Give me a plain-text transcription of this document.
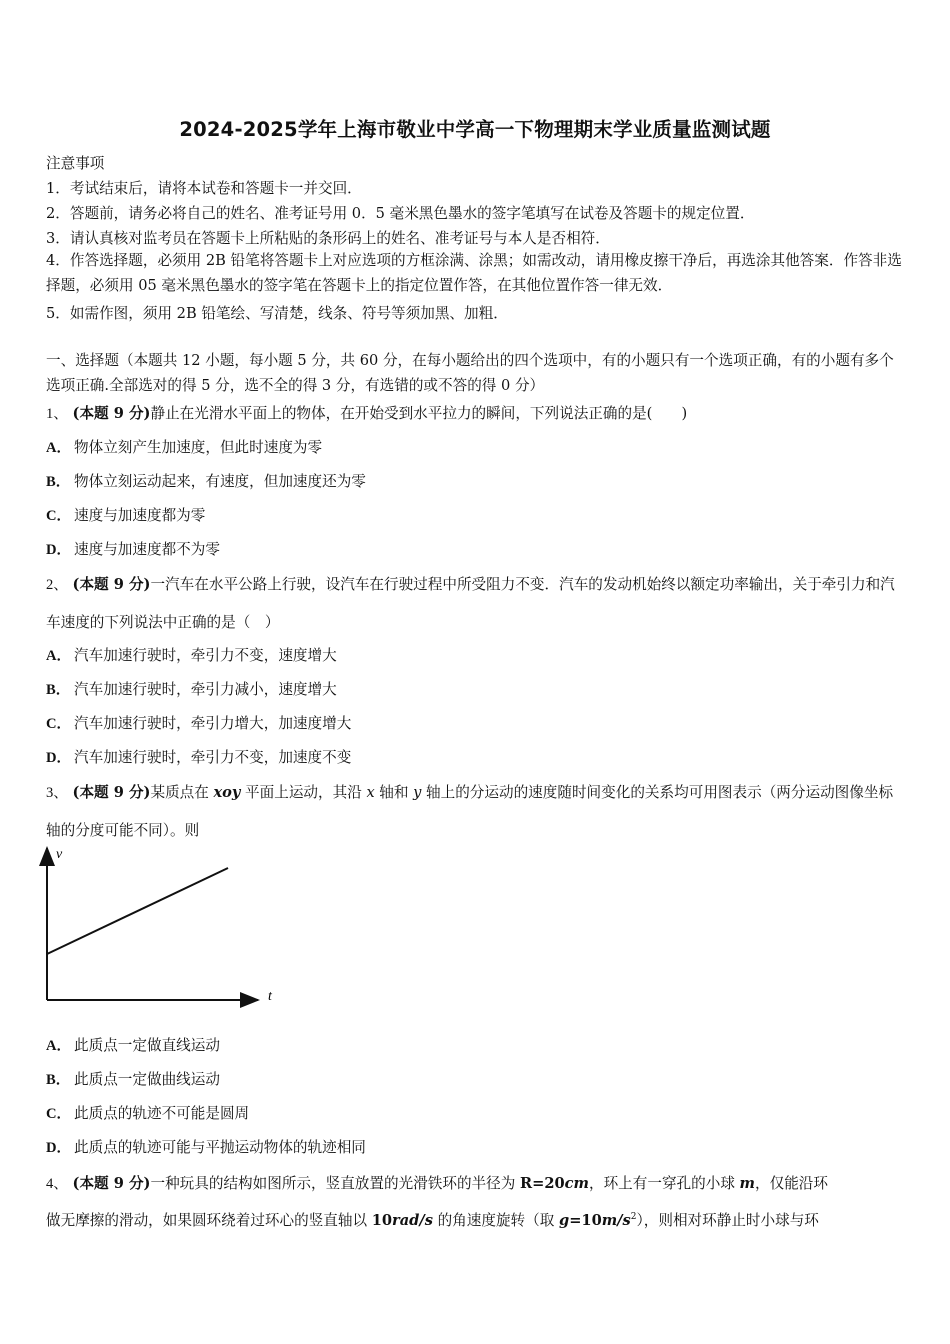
2024-2025学年上海市敬业中学高一下物理期末学业质量监测试题
注意事项
1．考试结束后，请将本试卷和答题卡一并交回．
2．答题前，请务必将自己的姓名、准考证号用 0．5 毫米黑色墨水的签字笔填写在试卷及答题卡的规定位置．
3．请认真核对监考员在答题卡上所粘贴的条形码上的姓名、准考证号与本人是否相符．
4．作答选择题，必须用 2B 铅笔将答题卡上对应选项的方框涂满、涂黑；如需改动，请用橡皮擦干净后，再选涂其他答案．作答非选择题，必须用 05 毫米黑色墨水的签字笔在答题卡上的指定位置作答，在其他位置作答一律无效．
5．如需作图，须用 2B 铅笔绘、写清楚，线条、符号等须加黑、加粗．
一、选择题（本题共 12 小题，每小题 5 分，共 60 分，在每小题给出的四个选项中，有的小题只有一个选项正确，有的小题有多个选项正确.全部选对的得 5 分，选不全的得 3 分，有选错的或不答的得 0 分）
1、 (本题 9 分)静止在光滑水平面上的物体，在开始受到水平拉力的瞬间，下列说法正确的是(　　)
A． 物体立刻产生加速度，但此时速度为零
B． 物体立刻运动起来，有速度，但加速度还为零
C． 速度与加速度都为零
D． 速度与加速度都不为零
2、 (本题 9 分)一汽车在水平公路上行驶，设汽车在行驶过程中所受阻力不变．汽车的发动机始终以额定功率输出，关于牵引力和汽车速度的下列说法中正确的是（　）
A． 汽车加速行驶时，牵引力不变，速度增大
B． 汽车加速行驶时，牵引力减小，速度增大
C． 汽车加速行驶时，牵引力增大，加速度增大
D． 汽车加速行驶时，牵引力不变，加速度不变
3、 (本题 9 分)某质点在 xoy 平面上运动，其沿 x 轴和 y 轴上的分运动的速度随时间变化的关系均可用图表示（两分运动图像坐标轴的分度可能不同）。则
v
t
A． 此质点一定做直线运动
B． 此质点一定做曲线运动
C． 此质点的轨迹不可能是圆周
D． 此质点的轨迹可能与平抛运动物体的轨迹相同
4、 (本题 9 分)一种玩具的结构如图所示，竖直放置的光滑铁环的半径为 R=20cm，环上有一穿孔的小球 m，仅能沿环
做无摩擦的滑动，如果圆环绕着过环心的竖直轴以 10rad/s 的角速度旋转（取 $g=10m/s^2$），则相对环静止时小球与环
